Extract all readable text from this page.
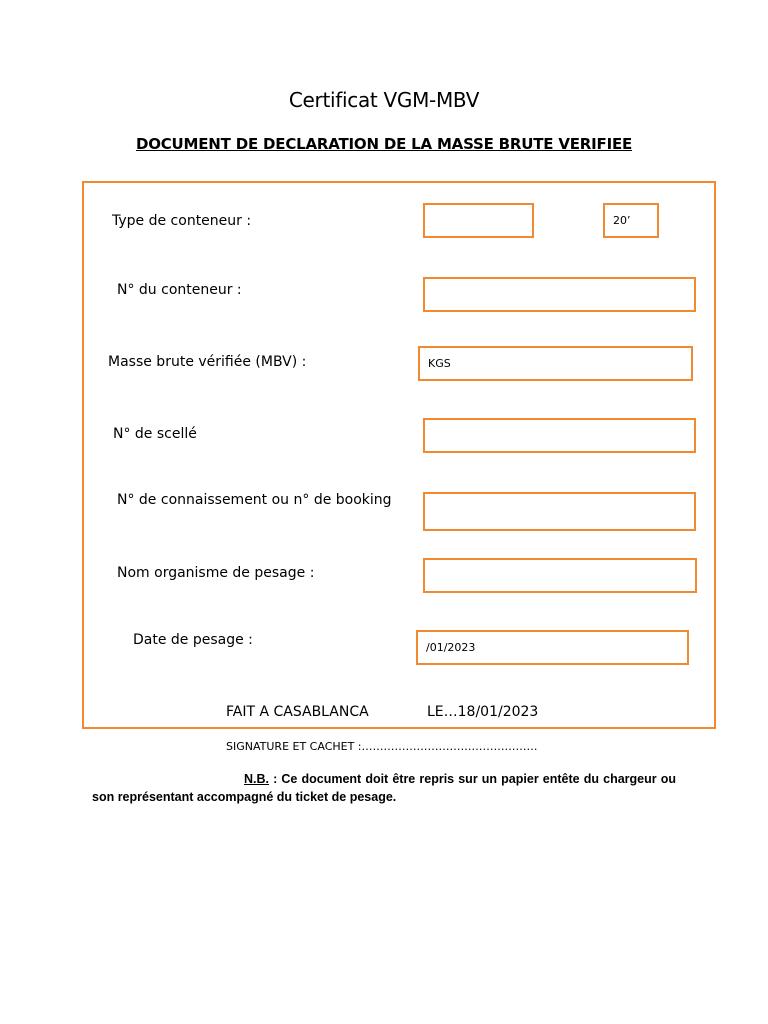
Certificat VGM-MBV
DOCUMENT DE DECLARATION DE LA MASSE BRUTE VERIFIEE
Type de conteneur :	20’
N° du conteneur :
Masse brute vérifiée (MBV) :	KGS
N° de scellé
N° de connaissement ou n° de booking
Nom organisme de pesage :
Date de pesage :	/01/2023
FAIT A CASABLANCA	LE…18/01/2023
SIGNATURE ET CACHET :…………………………………………
N.B. : Ce document doit être repris sur un papier entête du chargeur ou son représentant accompagné du ticket de pesage.
